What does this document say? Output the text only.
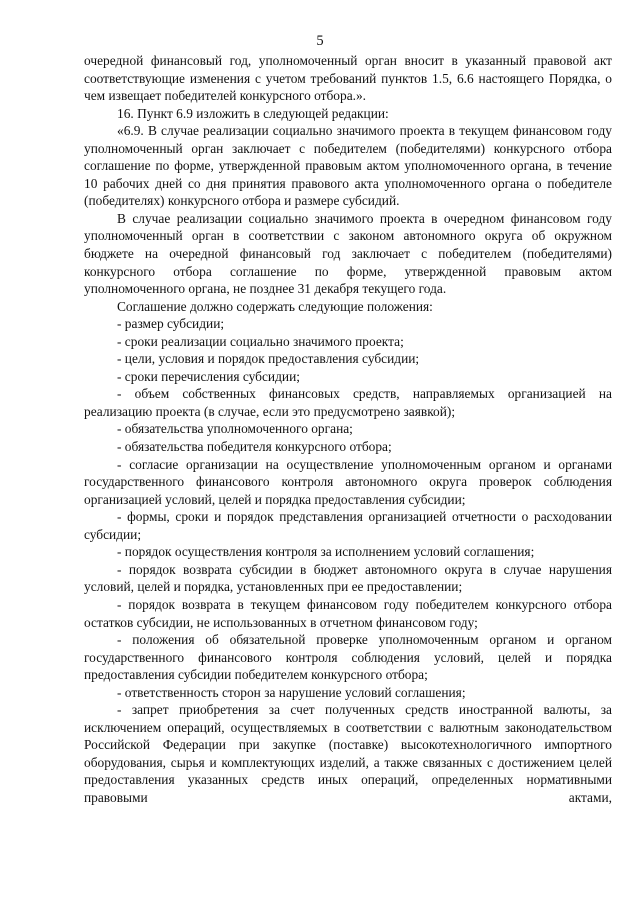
5

очередной финансовый год, уполномоченный орган вносит в указанный правовой акт соответствующие изменения с учетом требований пунктов 1.5, 6.6 настоящего Порядка, о чем извещает победителей конкурсного отбора.».

16. Пункт 6.9 изложить в следующей редакции:

«6.9. В случае реализации социально значимого проекта в текущем финансовом году уполномоченный орган заключает с победителем (победителями) конкурсного отбора соглашение по форме, утвержденной правовым актом уполномоченного органа, в течение 10 рабочих дней со дня принятия правового акта уполномоченного органа о победителе (победителях) конкурсного отбора и размере субсидий.

В случае реализации социально значимого проекта в очередном финансовом году уполномоченный орган в соответствии с законом автономного округа об окружном бюджете на очередной финансовый год заключает с победителем (победителями) конкурсного отбора соглашение по форме, утвержденной правовым актом уполномоченного органа, не позднее 31 декабря текущего года.

Соглашение должно содержать следующие положения:

- размер субсидии;

- сроки реализации социально значимого проекта;

- цели, условия и порядок предоставления субсидии;

- сроки перечисления субсидии;

- объем собственных финансовых средств, направляемых организацией на реализацию проекта (в случае, если это предусмотрено заявкой);

- обязательства уполномоченного органа;

- обязательства победителя конкурсного отбора;

- согласие организации на осуществление уполномоченным органом и органами государственного финансового контроля автономного округа проверок соблюдения организацией условий, целей и порядка предоставления субсидии;

- формы, сроки и порядок представления организацией отчетности о расходовании субсидии;

- порядок осуществления контроля за исполнением условий соглашения;

- порядок возврата субсидии в бюджет автономного округа в случае нарушения условий, целей и порядка, установленных при ее предоставлении;

- порядок возврата в текущем финансовом году победителем конкурсного отбора остатков субсидии, не использованных в отчетном финансовом году;

- положения об обязательной проверке уполномоченным органом и органом государственного финансового контроля соблюдения условий, целей и порядка предоставления субсидии победителем конкурсного отбора;

- ответственность сторон за нарушение условий соглашения;

- запрет приобретения за счет полученных средств иностранной валюты, за исключением операций, осуществляемых в соответствии с валютным законодательством Российской Федерации при закупке (поставке) высокотехнологичного импортного оборудования, сырья и комплектующих изделий, а также связанных с достижением целей предоставления указанных средств иных операций, определенных нормативными правовыми актами,
